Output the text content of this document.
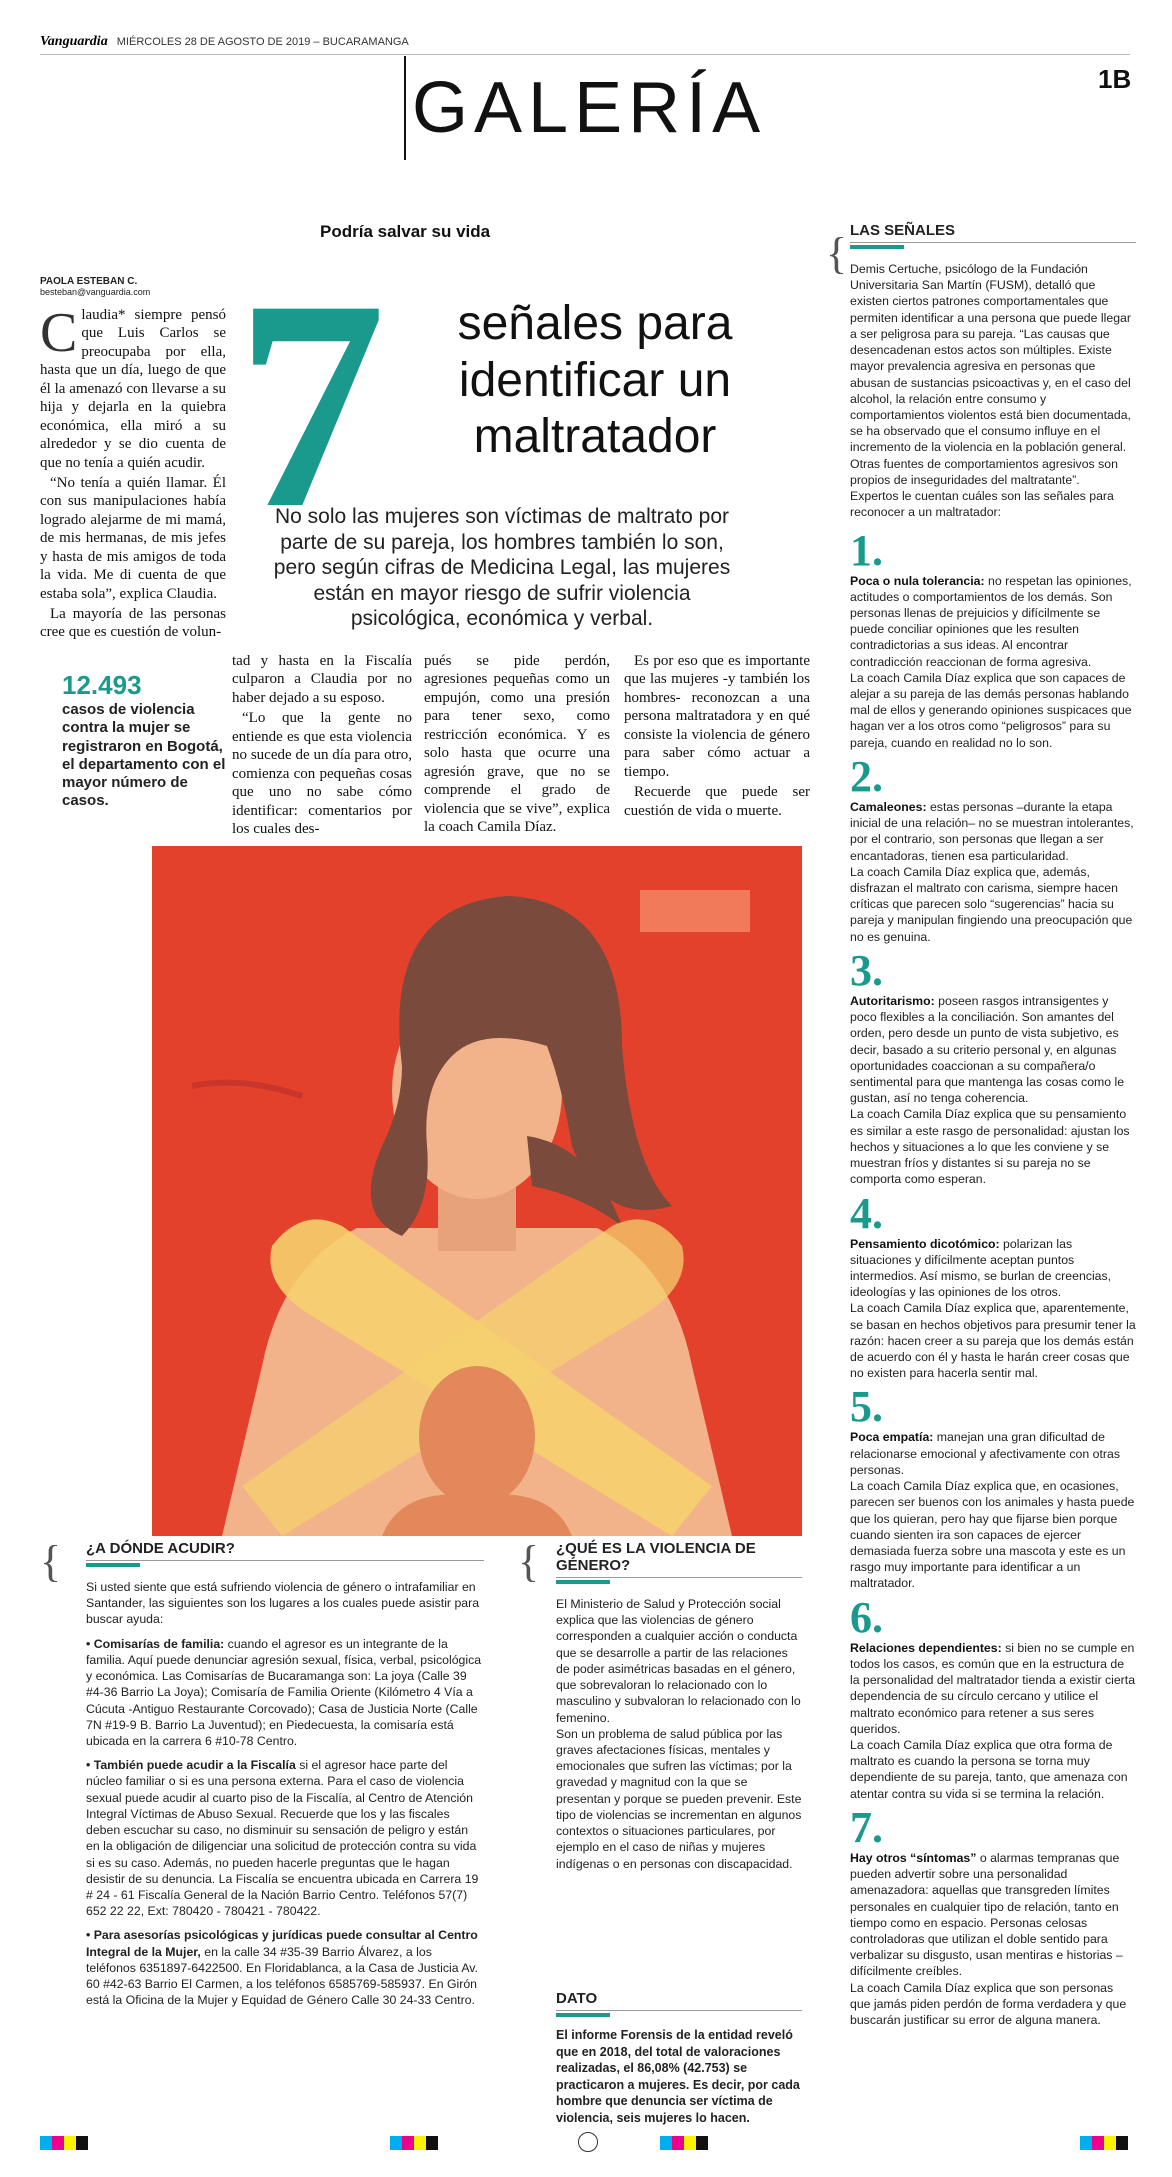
Vanguardia MIÉRCOLES 28 DE AGOSTO DE 2019 – BUCARAMANGA
GALERÍA	1B
Podría salvar su vida
7	señales para identificar un maltratador
No solo las mujeres son víctimas de maltrato por parte de su pareja, los hombres también lo son, pero según cifras de Medicina Legal, las mujeres están en mayor riesgo de sufrir violencia psicológica, económica y verbal.
PAOLA ESTEBAN C.
besteban@vanguardia.com

Claudia* siempre pensó que Luis Carlos se preocupaba por ella, hasta que un día, luego de que él la amenazó con llevarse a su hija y dejarla en la quiebra económica, ella miró a su alrededor y se dio cuenta de que no tenía a quién acudir.

“No tenía a quién llamar. Él con sus manipulaciones había logrado alejarme de mi mamá, de mis hermanas, de mis jefes y hasta de mis amigos de toda la vida. Me di cuenta de que estaba sola”, explica Claudia.

La mayoría de las personas cree que es cuestión de volun-

12.493
casos de violencia contra la mujer se registraron en Bogotá, el departamento con el mayor número de casos.

tad y hasta en la Fiscalía culparon a Claudia por no haber dejado a su esposo.

“Lo que la gente no entiende es que esta violencia no sucede de un día para otro, comienza con pequeñas cosas que uno no sabe cómo identificar: comentarios por los cuales des-

pués se pide perdón, agresiones pequeñas como un empujón, como una presión para tener sexo, como restricción económica. Y es solo hasta que ocurre una agresión grave, que no se comprende el grado de violencia que se vive”, explica la coach Camila Díaz.

Es por eso que es importante que las mujeres -y también los hombres- reconozcan a una persona maltratadora y en qué consiste la violencia de género para saber cómo actuar a tiempo.

Recuerde que puede ser cuestión de vida o muerte.

LAS SEÑALES

Demis Certuche, psicólogo de la Fundación Universitaria San Martín (FUSM), detalló que existen ciertos patrones comportamentales que permiten identificar a una persona que puede llegar a ser peligrosa para su pareja. “Las causas que desencadenan estos actos son múltiples. Existe mayor prevalencia agresiva en personas que abusan de sustancias psicoactivas y, en el caso del alcohol, la relación entre consumo y comportamientos violentos está bien documentada, se ha observado que el consumo influye en el incremento de la violencia en la población general. Otras fuentes de comportamientos agresivos son propios de inseguridades del maltratante”.

Expertos le cuentan cuáles son las señales para reconocer a un maltratador:

1.

Poca o nula tolerancia: no respetan las opiniones, actitudes o comportamientos de los demás. Son personas llenas de prejuicios y difícilmente se puede conciliar opiniones que les resulten contradictorias a sus ideas. Al encontrar contradicción reaccionan de forma agresiva.

La coach Camila Díaz explica que son capaces de alejar a su pareja de las demás personas hablando mal de ellos y generando opiniones suspicaces que hagan ver a los otros como “peligrosos” para su pareja, cuando en realidad no lo son.

2.

Camaleones: estas personas –durante la etapa inicial de una relación– no se muestran intolerantes, por el contrario, son personas que llegan a ser encantadoras, tienen esa particularidad.

La coach Camila Díaz explica que, además, disfrazan el maltrato con carisma, siempre hacen críticas que parecen solo “sugerencias” hacia su pareja y manipulan fingiendo una preocupación que no es genuina.

3.

Autoritarismo: poseen rasgos intransigentes y poco flexibles a la conciliación. Son amantes del orden, pero desde un punto de vista subjetivo, es decir, basado a su criterio personal y, en algunas oportunidades coaccionan a su compañera/o sentimental para que mantenga las cosas como le gustan, así no tenga coherencia.

La coach Camila Díaz explica que su pensamiento es similar a este rasgo de personalidad: ajustan los hechos y situaciones a lo que les conviene y se muestran fríos y distantes si su pareja no se comporta como esperan.

4.

Pensamiento dicotómico: polarizan las situaciones y difícilmente aceptan puntos intermedios. Así mismo, se burlan de creencias, ideologías y las opiniones de los otros.

La coach Camila Díaz explica que, aparentemente, se basan en hechos objetivos para presumir tener la razón: hacen creer a su pareja que los demás están de acuerdo con él y hasta le harán creer cosas que no existen para hacerla sentir mal.

5.

Poca empatía: manejan una gran dificultad de relacionarse emocional y afectivamente con otras personas.

La coach Camila Díaz explica que, en ocasiones, parecen ser buenos con los animales y hasta puede que los quieran, pero hay que fijarse bien porque cuando sienten ira son capaces de ejercer demasiada fuerza sobre una mascota y este es un rasgo muy importante para identificar a un maltratador.

6.

Relaciones dependientes: si bien no se cumple en todos los casos, es común que en la estructura de la personalidad del maltratador tienda a existir cierta dependencia de su círculo cercano y utilice el maltrato económico para retener a sus seres queridos.

La coach Camila Díaz explica que otra forma de maltrato es cuando la persona se torna muy dependiente de su pareja, tanto, que amenaza con atentar contra su vida si se termina la relación.

7.

Hay otros “síntomas” o alarmas tempranas que pueden advertir sobre una personalidad amenazadora: aquellas que transgreden límites personales en cualquier tipo de relación, tanto en tiempo como en espacio. Personas celosas controladoras que utilizan el doble sentido para verbalizar su disgusto, usan mentiras e historias –difícilmente creíbles.

La coach Camila Díaz explica que son personas que jamás piden perdón de forma verdadera y que buscarán justificar su error de alguna manera.

{
{ ¿A DÓNDE ACUDIR?

Si usted siente que está sufriendo violencia de género o intrafamiliar en Santander, las siguientes son los lugares a los cuales puede asistir para buscar ayuda:

• Comisarías de familia: cuando el agresor es un integrante de la familia. Aquí puede denunciar agresión sexual, física, verbal, psicológica y económica. Las Comisarías de Bucaramanga son: La joya (Calle 39 #4-36 Barrio La Joya); Comisaría de Familia Oriente (Kilómetro 4 Vía a Cúcuta -Antiguo Restaurante Corcovado); Casa de Justicia Norte (Calle 7N #19-9 B. Barrio La Juventud); en Piedecuesta, la comisaría está ubicada en la carrera 6 #10-78 Centro.

• También puede acudir a la Fiscalía si el agresor hace parte del núcleo familiar o si es una persona externa. Para el caso de violencia sexual puede acudir al cuarto piso de la Fiscalía, al Centro de Atención Integral Víctimas de Abuso Sexual. Recuerde que los y las fiscales deben escuchar su caso, no disminuir su sensación de peligro y están en la obligación de diligenciar una solicitud de protección contra su vida si es su caso. Además, no pueden hacerle preguntas que le hagan desistir de su denuncia. La Fiscalía se encuentra ubicada en Carrera 19 # 24 - 61 Fiscalía General de la Nación Barrio Centro. Teléfonos 57(7) 652 22 22, Ext: 780420 - 780421 - 780422.

• Para asesorías psicológicas y jurídicas puede consultar al Centro Integral de la Mujer, en la calle 34 #35-39 Barrio Álvarez, a los teléfonos 6351897-6422500. En Floridablanca, a la Casa de Justicia Av. 60 #42-63 Barrio El Carmen, a los teléfonos 6585769-585937. En Girón está la Oficina de la Mujer y Equidad de Género Calle 30 24-33 Centro.

{ ¿QUÉ ES LA VIOLENCIA DE GÉNERO?

El Ministerio de Salud y Protección social explica que las violencias de género corresponden a cualquier acción o conducta que se desarrolle a partir de las relaciones de poder asimétricas basadas en el género, que sobrevaloran lo relacionado con lo masculino y subvaloran lo relacionado con lo femenino.

Son un problema de salud pública por las graves afectaciones físicas, mentales y emocionales que sufren las víctimas; por la gravedad y magnitud con la que se presentan y porque se pueden prevenir. Este tipo de violencias se incrementan en algunos contextos o situaciones particulares, por ejemplo en el caso de niñas y mujeres indígenas o en personas con discapacidad.

DATO
El informe Forensis de la entidad reveló que en 2018, del total de valoraciones realizadas, el 86,08% (42.753) se practicaron a mujeres. Es decir, por cada hombre que denuncia ser víctima de violencia, seis mujeres lo hacen.
